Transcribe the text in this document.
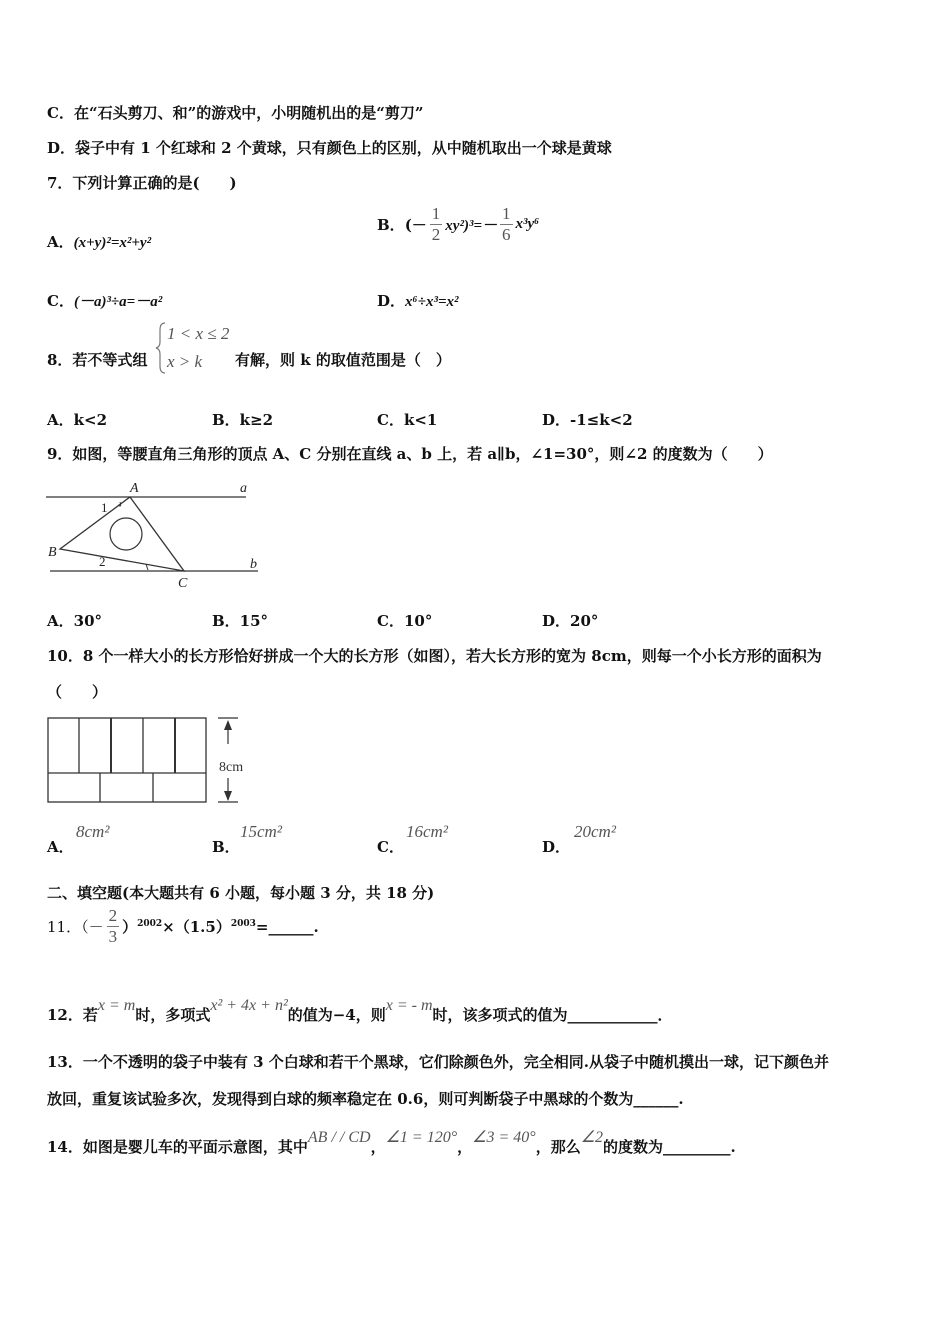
C．在“石头剪刀、和”的游戏中，小明随机出的是“剪刀”
D．袋子中有 1 个红球和 2 个黄球，只有颜色上的区别，从中随机取出一个球是黄球
7．下列计算正确的是(　　)
A．(x+y)²=x²+y²
B．(－ $\frac{1}{2} xy^2)^3=- \frac{1}{6} x^3y^6$
C．(－a)³÷a=－a²	D．x⁶÷x³=x²
8．若不等式组
1 < x ≤ 2
x > k 有解，则 k 的取值范围是（　）
A．k<2	B．k≥2	C．k<1	D．-1≤k<2
9．如图，等腰直角三角形的顶点 A、C 分别在直线 a、b 上，若 a∥b，∠1=30°，则∠2 的度数为（　　）
A
B
C
a
b
1
2
A．30°	B．15°	C．10°	D．20°
10．8 个一样大小的长方形恰好拼成一个大的长方形（如图），若大长方形的宽为 8cm，则每一个小长方形的面积为
（　　）
8cm
A．
8cm²
B．
15cm²
C．
16cm²
D．
20cm²
二、填空题(本大题共有 6 小题，每小题 3 分，共 18 分)
11．（－ $\frac{2}{3}$ ）$^{2002}\times(1.5)^{2003}=\_\_\_\_\_\_$.
12．若x = m时，多项式x² + 4x + n²的值为−4，则x = - m时，该多项式的值为____________．
13．一个不透明的袋子中装有 3 个白球和若干个黑球，它们除颜色外，完全相同.从袋子中随机摸出一球，记下颜色并
放回，重复该试验多次，发现得到白球的频率稳定在 0.6，则可判断袋子中黑球的个数为______.
14．如图是婴儿车的平面示意图，其中AB / / CD，∠1 = 120°，∠3 = 40°，那么∠2的度数为_________.
